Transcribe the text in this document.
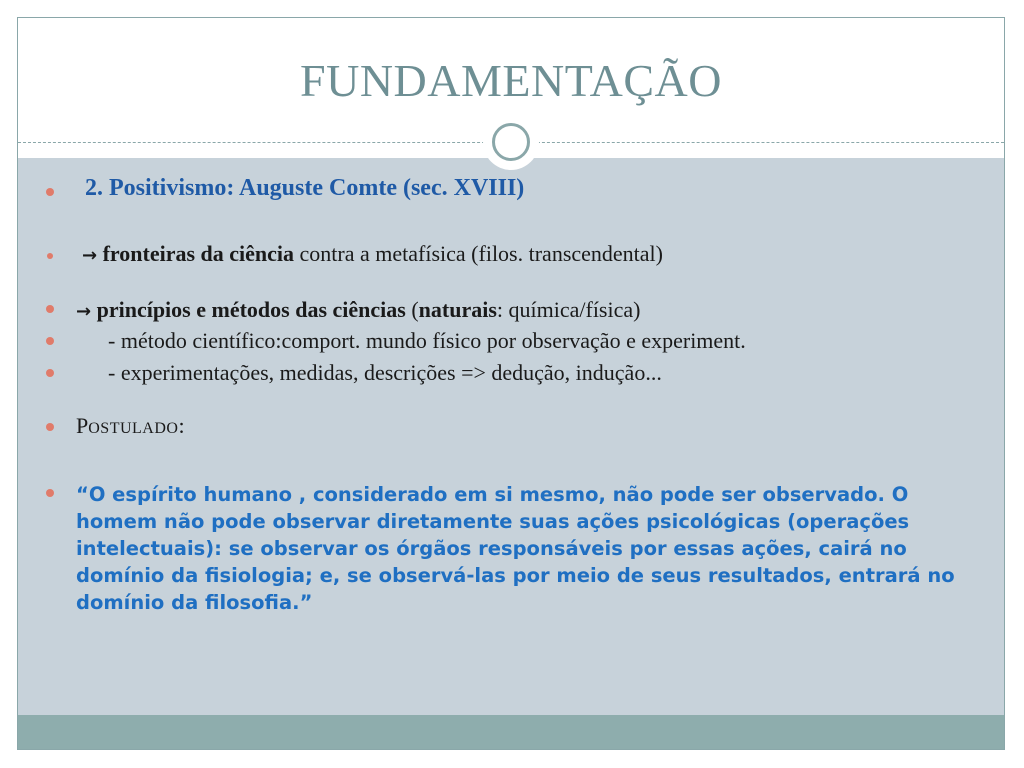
FUNDAMENTAÇÃO
2. Positivismo: Auguste Comte (sec. XVIII)
→ fronteiras da ciência contra a metafísica (filos. transcendental)
→ princípios e métodos das ciências (naturais: química/física)
- método científico:comport. mundo físico por observação e experiment.
- experimentações, medidas, descrições => dedução, indução...
POSTULADO:
“O espírito humano , considerado em si mesmo, não pode ser observado. O homem não pode observar diretamente suas ações psicológicas (operações intelectuais): se observar os órgãos responsáveis por essas ações, cairá no domínio da fisiologia; e, se observá-las por meio de seus resultados, entrará no domínio da filosofia.”
